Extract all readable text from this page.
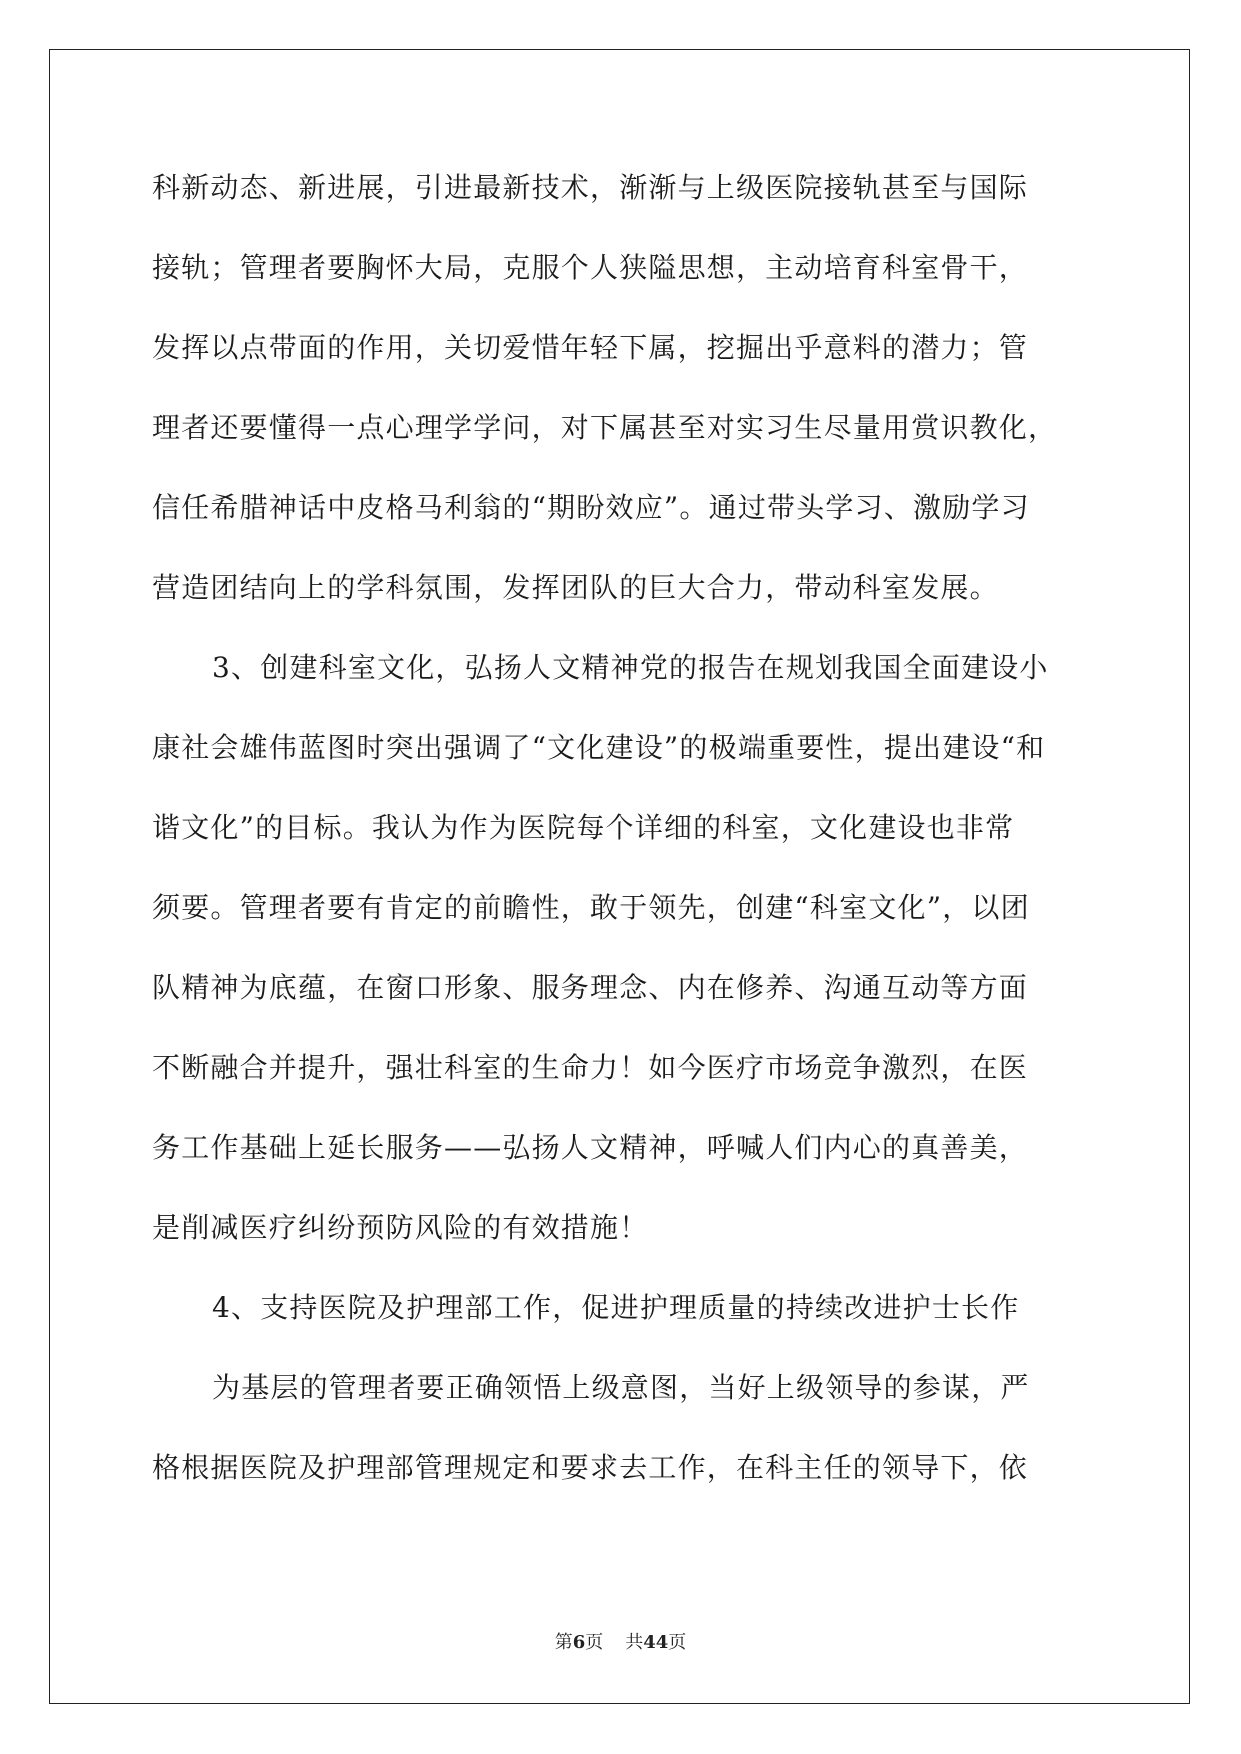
科新动态、新进展，引进最新技术，渐渐与上级医院接轨甚至与国际
接轨；管理者要胸怀大局，克服个人狭隘思想，主动培育科室骨干，
发挥以点带面的作用，关切爱惜年轻下属，挖掘出乎意料的潜力；管
理者还要懂得一点心理学学问，对下属甚至对实习生尽量用赏识教化，
信任希腊神话中皮格马利翁的“期盼效应”。通过带头学习、激励学习
营造团结向上的学科氛围，发挥团队的巨大合力，带动科室发展。
3、创建科室文化，弘扬人文精神党的报告在规划我国全面建设小
康社会雄伟蓝图时突出强调了“文化建设”的极端重要性，提出建设“和
谐文化”的目标。我认为作为医院每个详细的科室，文化建设也非常
须要。管理者要有肯定的前瞻性，敢于领先，创建“科室文化”，以团
队精神为底蕴，在窗口形象、服务理念、内在修养、沟通互动等方面
不断融合并提升，强壮科室的生命力！如今医疗市场竞争激烈，在医
务工作基础上延长服务——弘扬人文精神，呼喊人们内心的真善美，
是削减医疗纠纷预防风险的有效措施！
4、支持医院及护理部工作，促进护理质量的持续改进护士长作
为基层的管理者要正确领悟上级意图，当好上级领导的参谋，严
格根据医院及护理部管理规定和要求去工作，在科主任的领导下，依
第6页 共44页
